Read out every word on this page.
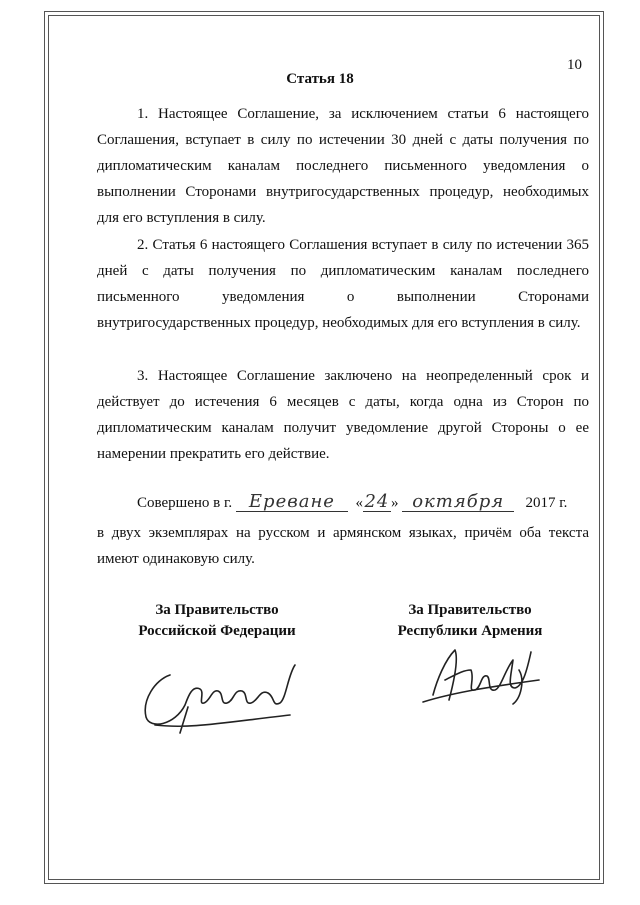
10
Статья 18

1. Настоящее Соглашение, за исключением статьи 6 настоящего Соглашения, вступает в силу по истечении 30 дней с даты получения по дипломатическим каналам последнего письменного уведомления о выполнении Сторонами внутригосударственных процедур, необходимых для его вступления в силу.

2. Статья 6 настоящего Соглашения вступает в силу по истечении 365 дней с даты получения по дипломатическим каналам последнего письменного уведомления о выполнении Сторонами внутригосударственных процедур, необходимых для его вступления в силу.

3. Настоящее Соглашение заключено на неопределенный срок и действует до истечения 6 месяцев с даты, когда одна из Сторон по дипломатическим каналам получит уведомление другой Стороны о ее намерении прекратить его действие.

Совершено в г. Ереване «24 » октября 2017 г.

в двух экземплярах на русском и армянском языках, причём оба текста имеют одинаковую силу.

За Правительство
Российской Федерации
За Правительство
Республики Армения
